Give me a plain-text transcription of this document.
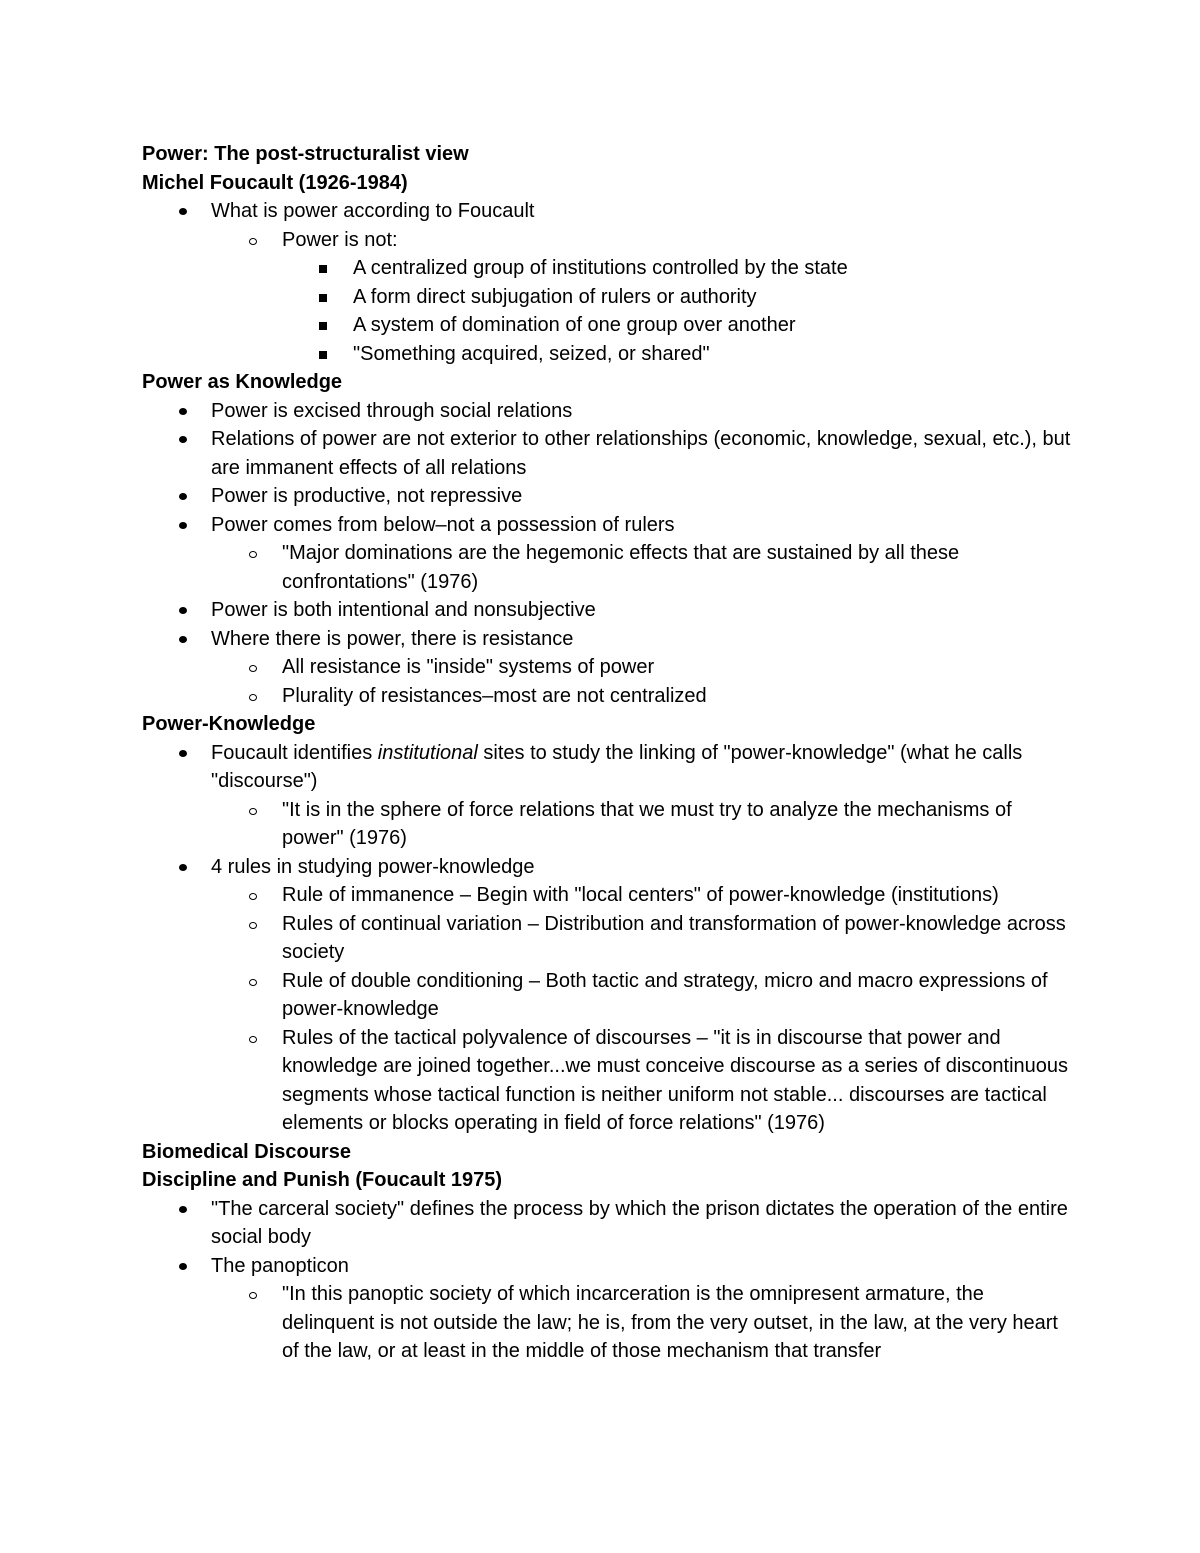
Power: The post-structuralist view
Michel Foucault (1926-1984)
What is power according to Foucault
Power is not:
A centralized group of institutions controlled by the state
A form direct subjugation of rulers or authority
A system of domination of one group over another
"Something acquired, seized, or shared"
Power as Knowledge
Power is excised through social relations
Relations of power are not exterior to other relationships (economic, knowledge, sexual, etc.), but are immanent effects of all relations
Power is productive, not repressive
Power comes from below–not a possession of rulers
"Major dominations are the hegemonic effects that are sustained by all these confrontations" (1976)
Power is both intentional and nonsubjective
Where there is power, there is resistance
All resistance is "inside" systems of power
Plurality of resistances–most are not centralized
Power-Knowledge
Foucault identifies institutional sites to study the linking of "power-knowledge" (what he calls "discourse")
"It is in the sphere of force relations that we must try to analyze the mechanisms of power" (1976)
4 rules in studying power-knowledge
Rule of immanence – Begin with "local centers" of power-knowledge (institutions)
Rules of continual variation – Distribution and transformation of power-knowledge across society
Rule of double conditioning – Both tactic and strategy, micro and macro expressions of power-knowledge
Rules of the tactical polyvalence of discourses – "it is in discourse that power and knowledge are joined together...we must conceive discourse as a series of discontinuous segments whose tactical function is neither uniform not stable... discourses are tactical elements or blocks operating in field of force relations" (1976)
Biomedical Discourse
Discipline and Punish (Foucault 1975)
"The carceral society" defines the process by which the prison dictates the operation of the entire social body
The panopticon
"In this panoptic society of which incarceration is the omnipresent armature, the delinquent is not outside the law; he is, from the very outset, in the law, at the very heart of the law, or at least in the middle of those mechanism that transfer
